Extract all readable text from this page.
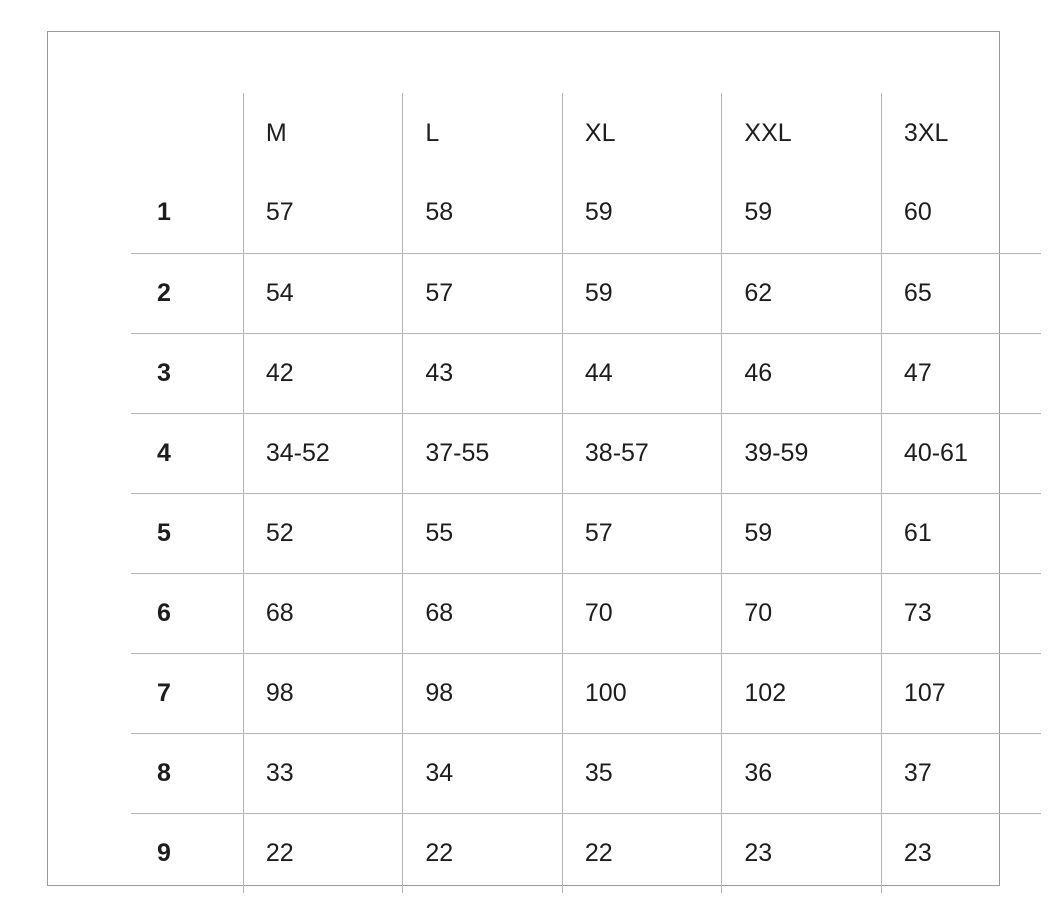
	M	L	XL	XXL	3XL
1	57	58	59	59	60
2	54	57	59	62	65
3	42	43	44	46	47
4	34-52	37-55	38-57	39-59	40-61
5	52	55	57	59	61
6	68	68	70	70	73
7	98	98	100	102	107
8	33	34	35	36	37
9	22	22	22	23	23
